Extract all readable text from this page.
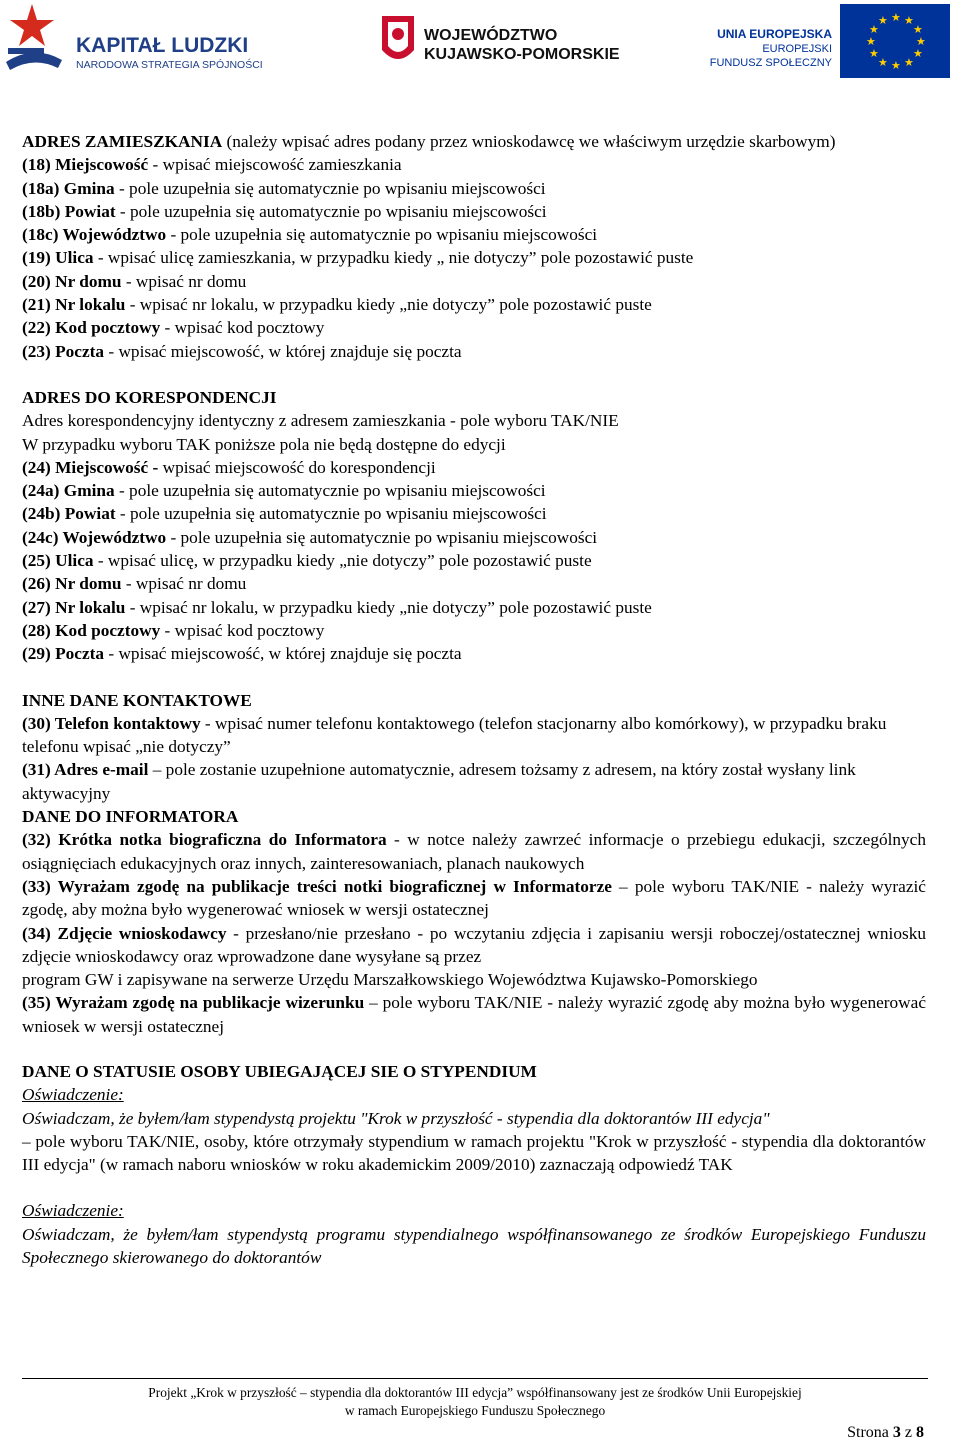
KAPITAŁ LUDZKI
NARODOWA STRATEGIA SPÓJNOŚCI
WOJEWÓDZTWO
KUJAWSKO-POMORSKIE
UNIA EUROPEJSKA
EUROPEJSKI
FUNDUSZ SPOŁECZNY
★ ★
★
★
★
★
★
★
★
★
★
★

ADRES ZAMIESZKANIA (należy wpisać adres podany przez wnioskodawcę we właściwym urzędzie skarbowym)

(18) Miejscowość - wpisać miejscowość zamieszkania

(18a) Gmina - pole uzupełnia się automatycznie po wpisaniu miejscowości

(18b) Powiat - pole uzupełnia się automatycznie po wpisaniu miejscowości

(18c) Województwo - pole uzupełnia się automatycznie po wpisaniu miejscowości

(19) Ulica - wpisać ulicę zamieszkania, w przypadku kiedy „ nie dotyczy” pole pozostawić puste

(20) Nr domu - wpisać nr domu

(21) Nr lokalu - wpisać nr lokalu, w przypadku kiedy „nie dotyczy” pole pozostawić puste

(22) Kod pocztowy - wpisać kod pocztowy

(23) Poczta - wpisać miejscowość, w której znajduje się poczta

ADRES DO KORESPONDENCJI

Adres korespondencyjny identyczny z adresem zamieszkania - pole wyboru TAK/NIE

W przypadku wyboru TAK poniższe pola nie będą dostępne do edycji

(24) Miejscowość - wpisać miejscowość do korespondencji

(24a) Gmina - pole uzupełnia się automatycznie po wpisaniu miejscowości

(24b) Powiat - pole uzupełnia się automatycznie po wpisaniu miejscowości

(24c) Województwo - pole uzupełnia się automatycznie po wpisaniu miejscowości

(25) Ulica - wpisać ulicę, w przypadku kiedy „nie dotyczy” pole pozostawić puste

(26) Nr domu - wpisać nr domu

(27) Nr lokalu - wpisać nr lokalu, w przypadku kiedy „nie dotyczy” pole pozostawić puste

(28) Kod pocztowy - wpisać kod pocztowy

(29) Poczta - wpisać miejscowość, w której znajduje się poczta

INNE DANE KONTAKTOWE

(30) Telefon kontaktowy - wpisać numer telefonu kontaktowego (telefon stacjonarny albo komórkowy), w przypadku braku telefonu wpisać „nie dotyczy”

(31) Adres e-mail – pole zostanie uzupełnione automatycznie, adresem tożsamy z adresem, na który został wysłany link aktywacyjny

DANE DO INFORMATORA

(32) Krótka notka biograficzna do Informatora - w notce należy zawrzeć informacje o przebiegu edukacji, szczególnych osiągnięciach edukacyjnych oraz innych, zainteresowaniach, planach naukowych

(33) Wyrażam zgodę na publikacje treści notki biograficznej w Informatorze – pole wyboru TAK/NIE - należy wyrazić zgodę, aby można było wygenerować wniosek w wersji ostatecznej

(34) Zdjęcie wnioskodawcy - przesłano/nie przesłano - po wczytaniu zdjęcia i zapisaniu wersji roboczej/ostatecznej wniosku zdjęcie wnioskodawcy oraz wprowadzone dane wysyłane są przez

program GW i zapisywane na serwerze Urzędu Marszałkowskiego Województwa Kujawsko-Pomorskiego

(35) Wyrażam zgodę na publikacje wizerunku – pole wyboru TAK/NIE - należy wyrazić zgodę aby można było wygenerować wniosek w wersji ostatecznej

DANE O STATUSIE OSOBY UBIEGAJĄCEJ SIE O STYPENDIUM

Oświadczenie:

Oświadczam, że byłem/łam stypendystą projektu "Krok w przyszłość - stypendia dla doktorantów III edycja"

– pole wyboru TAK/NIE, osoby, które otrzymały stypendium w ramach projektu "Krok w przyszłość - stypendia dla doktorantów III edycja" (w ramach naboru wniosków w roku akademickim 2009/2010) zaznaczają odpowiedź TAK

Oświadczenie:

Oświadczam, że byłem/łam stypendystą programu stypendialnego współfinansowanego ze środków Europejskiego Funduszu Społecznego skierowanego do doktorantów

Projekt „Krok w przyszłość – stypendia dla doktorantów III edycja” współfinansowany jest ze środków Unii Europejskiej
w ramach Europejskiego Funduszu Społecznego
Strona 3 z 8
